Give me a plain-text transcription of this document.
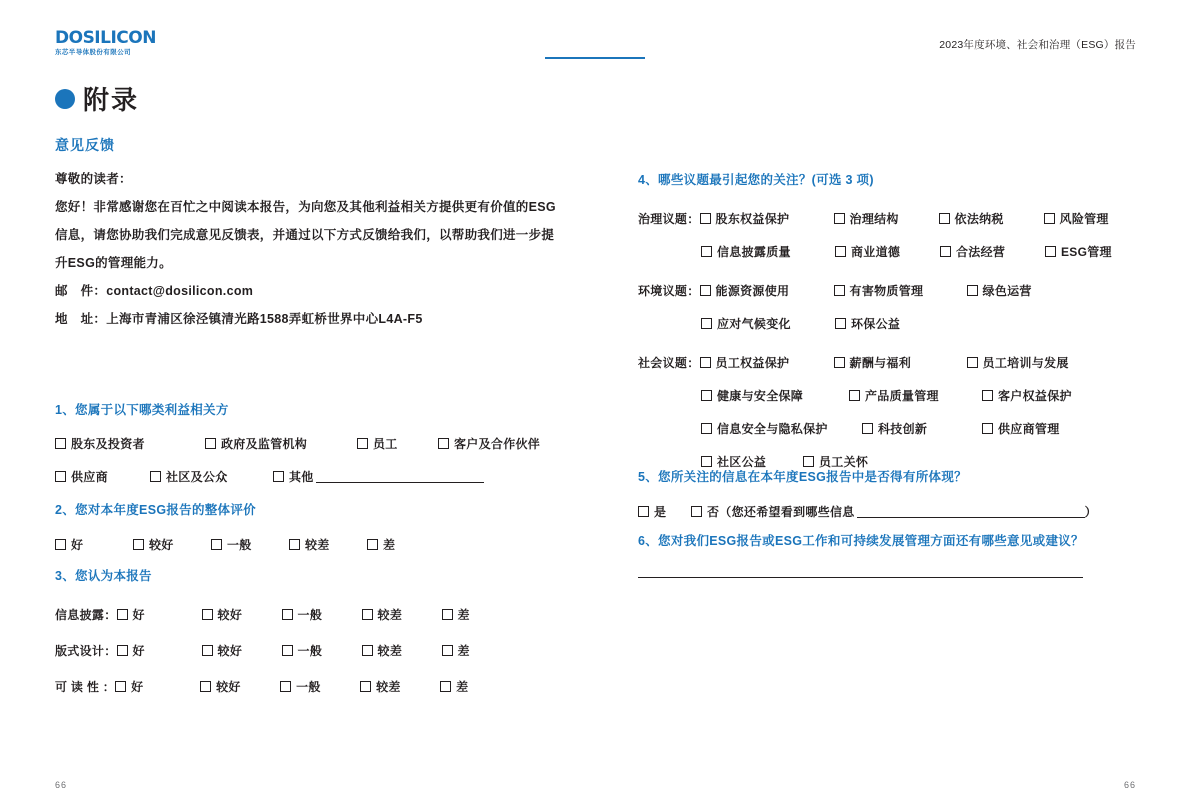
DOSILICON
东芯半导体股份有限公司
2023年度环境、社会和治理（ESG）报告
附录
意见反馈
尊敬的读者：
您好！非常感谢您在百忙之中阅读本报告，为向您及其他利益相关方提供更有价值的ESG
信息，请您协助我们完成意见反馈表，并通过以下方式反馈给我们，以帮助我们进一步提
升ESG的管理能力。
邮　件：contact@dosilicon.com
地　址：上海市青浦区徐泾镇清光路1588弄虹桥世界中心L4A-F5
1、您属于以下哪类利益相关方
股东及投资者	政府及监管机构	员工	客户及合作伙伴
供应商	社区及公众	其他
2、您对本年度ESG报告的整体评价
好	较好	一般	较差	差
3、您认为本报告
信息披露： 好	较好	一般	较差	差
版式设计： 好	较好	一般	较差	差
可 读 性 ： 好	较好	一般	较差	差
4、哪些议题最引起您的关注？(可选 3 项)
治理议题： 股东权益保护	治理结构	依法纳税	风险管理
信息披露质量	商业道德	合法经营	ESG管理
环境议题： 能源资源使用	有害物质管理	绿色运营
应对气候变化	环保公益
社会议题： 员工权益保护	薪酬与福利	员工培训与发展
健康与安全保障	产品质量管理	客户权益保护
信息安全与隐私保护	科技创新	供应商管理
社区公益	员工关怀
5、您所关注的信息在本年度ESG报告中是否得有所体现？
是	否（您还希望看到哪些信息	）
6、您对我们ESG报告或ESG工作和可持续发展管理方面还有哪些意见或建议？
66	66
